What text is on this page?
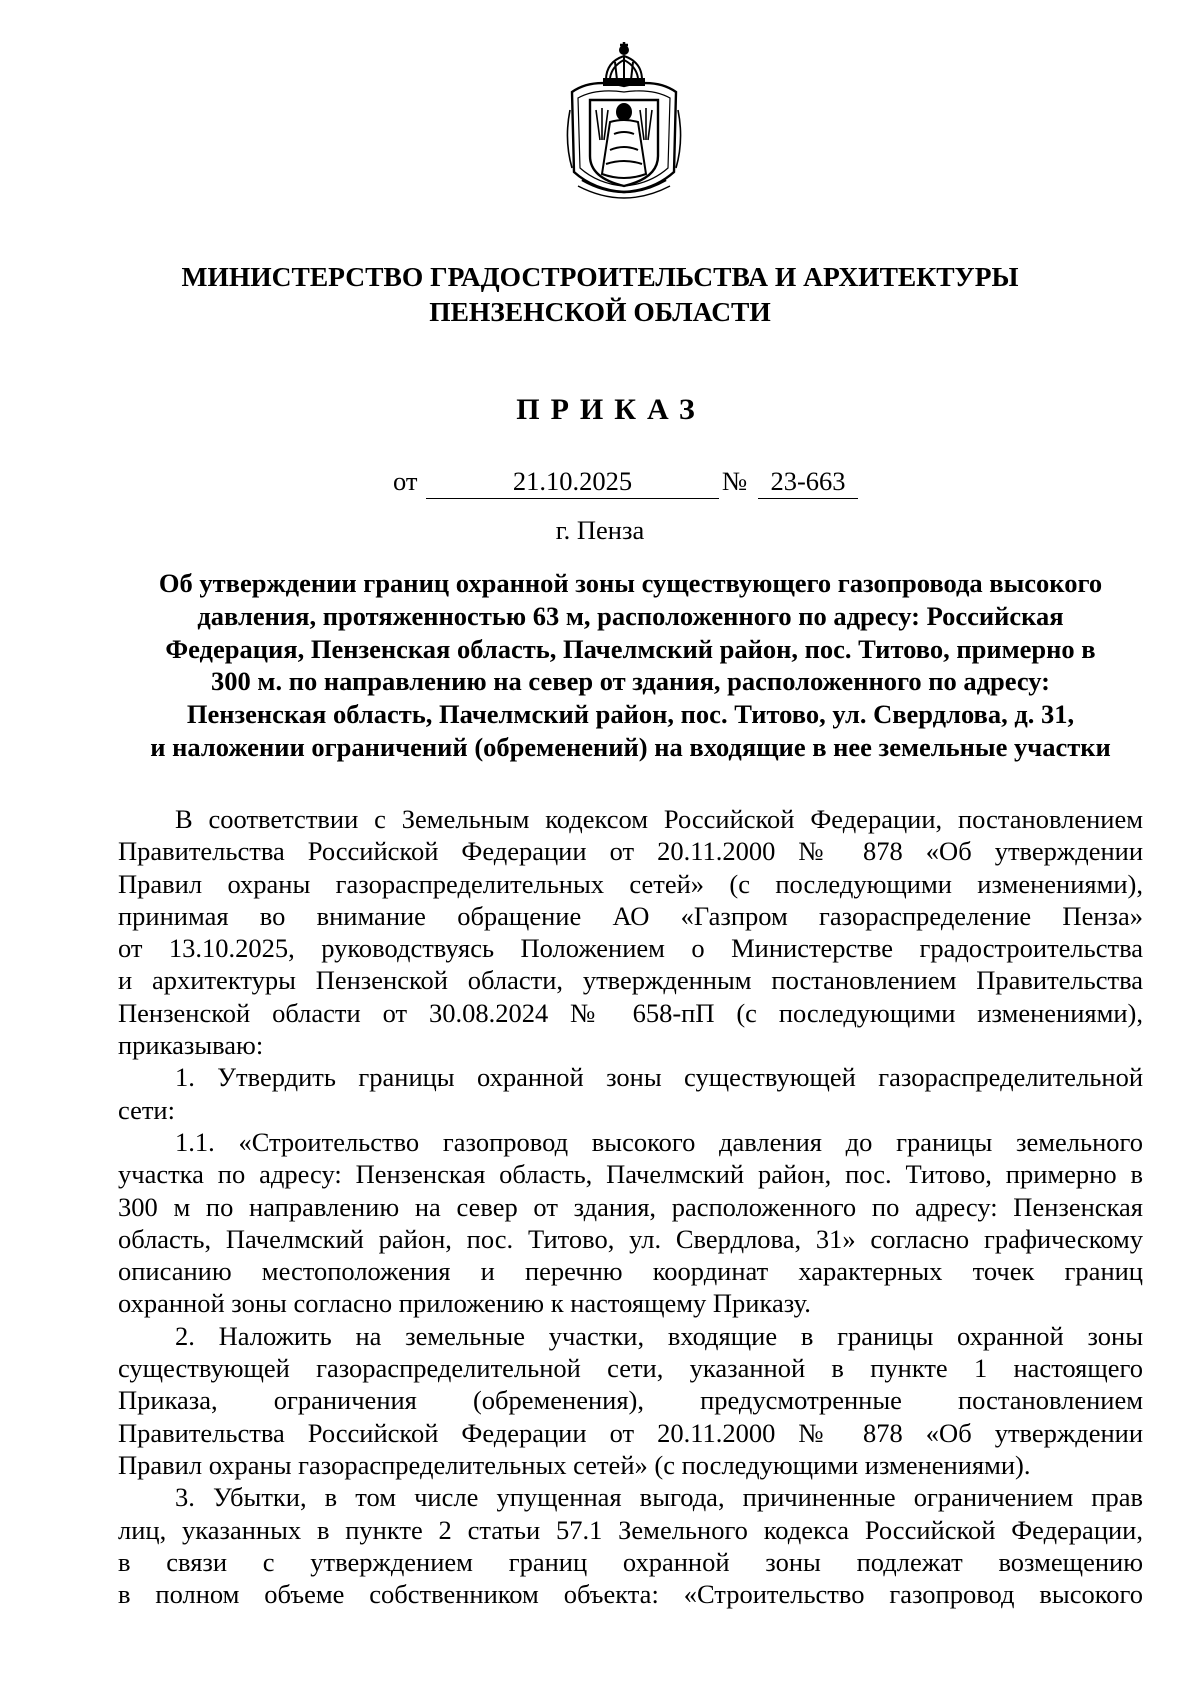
МИНИСТЕРСТВО ГРАДОСТРОИТЕЛЬСТВА И АРХИТЕКТУРЫ
ПЕНЗЕНСКОЙ ОБЛАСТИ
ПРИКАЗ
от	21.10.2025	№ 23-663
г. Пенза
Об утверждении границ охранной зоны существующего газопровода высокого
давления, протяженностью 63 м, расположенного по адресу: Российская
Федерация, Пензенская область, Пачелмский район, пос. Титово, примерно в
300 м. по направлению на север от здания, расположенного по адресу:
Пензенская область, Пачелмский район, пос. Титово, ул. Свердлова, д. 31,
и наложении ограничений (обременений) на входящие в нее земельные участки
В соответствии с Земельным кодексом Российской Федерации, постановлением
Правительства Российской Федерации от 20.11.2000 № 878 «Об утверждении
Правил охраны газораспределительных сетей» (с последующими изменениями),
принимая во внимание обращение АО «Газпром газораспределение Пенза»
от 13.10.2025, руководствуясь Положением о Министерстве градостроительства
и архитектуры Пензенской области, утвержденным постановлением Правительства
Пензенской области от 30.08.2024 № 658-пП (с последующими изменениями),
приказываю:
1. Утвердить границы охранной зоны существующей газораспределительной
сети:
1.1. «Строительство газопровод высокого давления до границы земельного
участка по адресу: Пензенская область, Пачелмский район, пос. Титово, примерно в
300 м по направлению на север от здания, расположенного по адресу: Пензенская
область, Пачелмский район, пос. Титово, ул. Свердлова, 31» согласно графическому
описанию местоположения и перечню координат характерных точек границ
охранной зоны согласно приложению к настоящему Приказу.
2. Наложить на земельные участки, входящие в границы охранной зоны
существующей газораспределительной сети, указанной в пункте 1 настоящего
Приказа, ограничения (обременения), предусмотренные постановлением
Правительства Российской Федерации от 20.11.2000 № 878 «Об утверждении
Правил охраны газораспределительных сетей» (с последующими изменениями).
3. Убытки, в том числе упущенная выгода, причиненные ограничением прав
лиц, указанных в пункте 2 статьи 57.1 Земельного кодекса Российской Федерации,
в связи с утверждением границ охранной зоны подлежат возмещению
в полном объеме собственником объекта: «Строительство газопровод высокого
